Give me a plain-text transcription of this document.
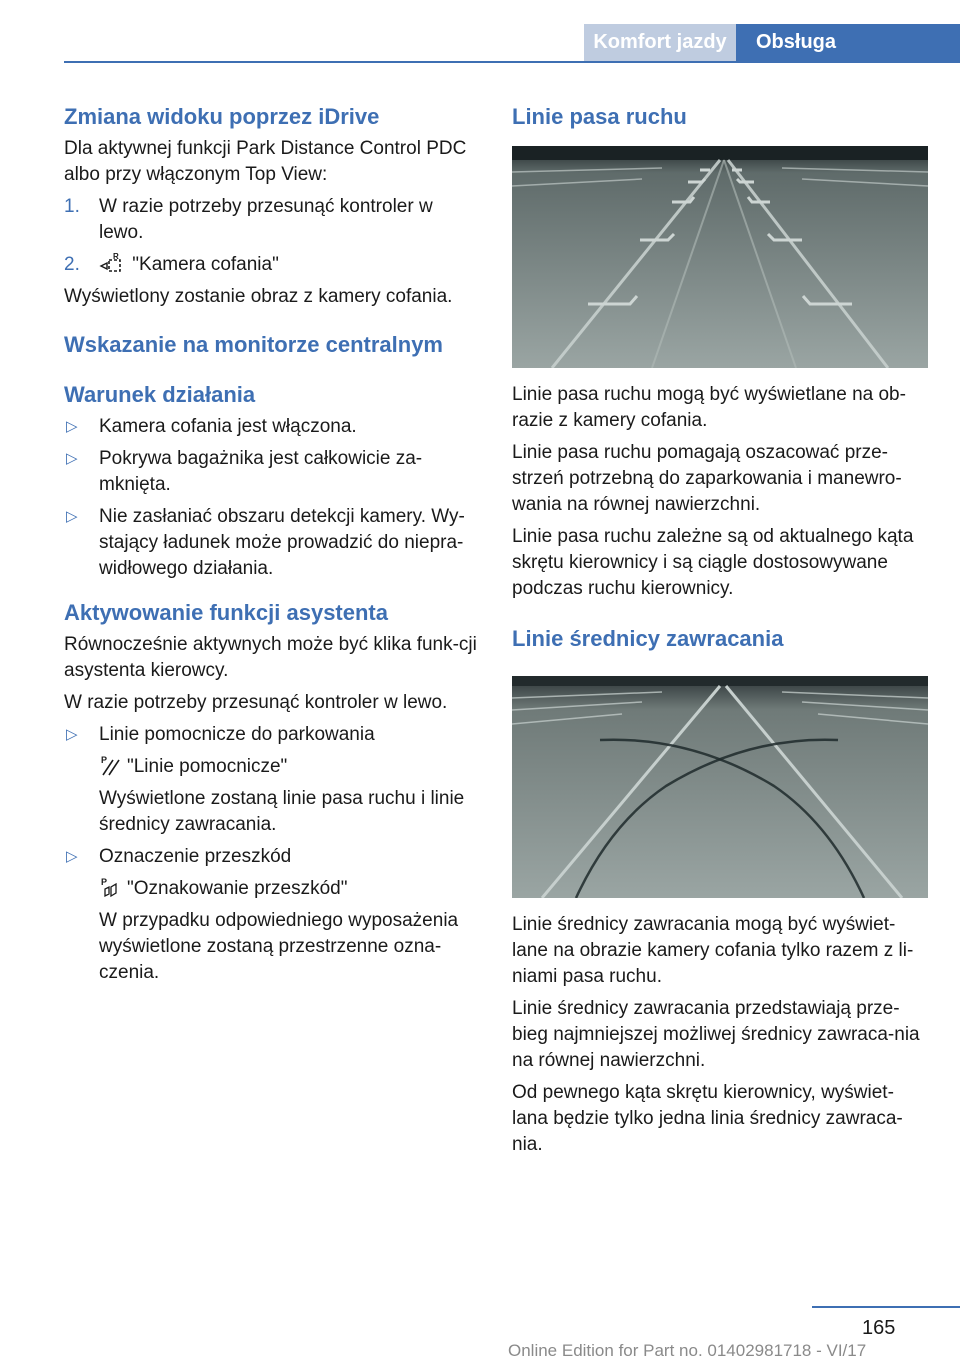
Komfort jazdy	Obsługa
Zmiana widoku poprzez iDrive

Dla aktywnej funkcji Park Distance Control PDC albo przy włączonym Top View:

1. W razie potrzeby przesunąć kontroler w lewo.
2.	R "Kamera cofania"

Wyświetlony zostanie obraz z kamery cofania.

Wskazanie na monitorze centralnym
Warunek działania
▷ Kamera cofania jest włączona.
▷ Pokrywa bagażnika jest całkowicie za-mknięta.
▷ Nie zasłaniać obszaru detekcji kamery. Wy-stający ładunek może prowadzić do niepra-widłowego działania.
Aktywowanie funkcji asystenta

Równocześnie aktywnych może być klika funk-cji asystenta kierowcy.

W razie potrzeby przesunąć kontroler w lewo.

▷ Linie pomocnicze do parkowania
P "Linie pomocnicze"
Wyświetlone zostaną linie pasa ruchu i linie średnicy zawracania.
▷ Oznaczenie przeszkód
P "Oznakowanie przeszkód"
W przypadku odpowiedniego wyposażenia wyświetlone zostaną przestrzenne ozna-czenia.
Linie pasa ruchu

Linie pasa ruchu mogą być wyświetlane na ob-razie z kamery cofania.

Linie pasa ruchu pomagają oszacować prze-strzeń potrzebną do zaparkowania i manewro-wania na równej nawierzchni.

Linie pasa ruchu zależne są od aktualnego kąta skrętu kierownicy i są ciągle dostosowywane podczas ruchu kierownicy.

Linie średnicy zawracania

Linie średnicy zawracania mogą być wyświet-lane na obrazie kamery cofania tylko razem z li-niami pasa ruchu.

Linie średnicy zawracania przedstawiają prze-bieg najmniejszej możliwej średnicy zawraca-nia na równej nawierzchni.

Od pewnego kąta skrętu kierownicy, wyświet-lana będzie tylko jedna linia średnicy zawraca-nia.

165
Online Edition for Part no. 01402981718 - VI/17
